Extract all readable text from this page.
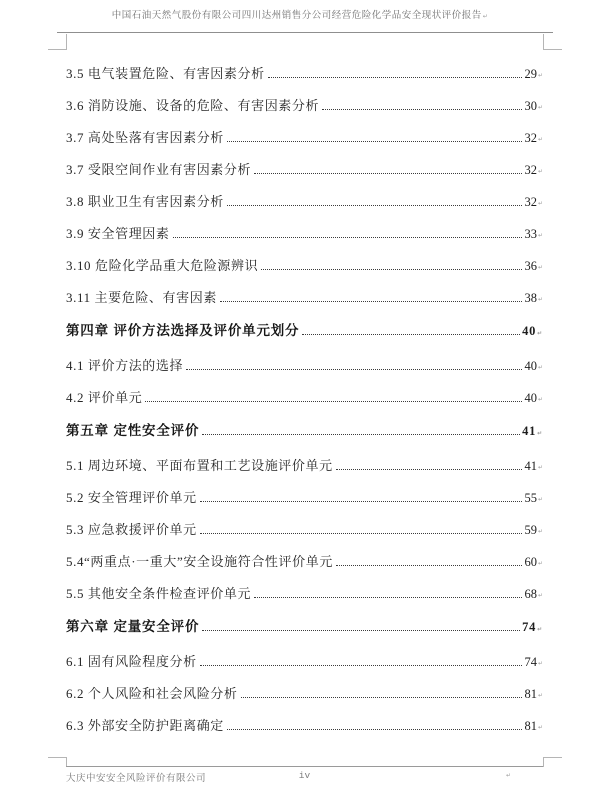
中国石油天然气股份有限公司四川达州销售分公司经营危险化学品安全现状评价报告↵
3.5 电气装置危险、有害因素分析	29 ↵
3.6 消防设施、设备的危险、有害因素分析	30 ↵
3.7 高处坠落有害因素分析	32 ↵
3.7 受限空间作业有害因素分析	32 ↵
3.8 职业卫生有害因素分析	32 ↵
3.9 安全管理因素	33 ↵
3.10 危险化学品重大危险源辨识	36 ↵
3.11 主要危险、有害因素	38 ↵
第四章 评价方法选择及评价单元划分	40 ↵
4.1 评价方法的选择	40 ↵
4.2 评价单元	40 ↵
第五章 定性安全评价	41 ↵
5.1 周边环境、平面布置和工艺设施评价单元	41 ↵
5.2 安全管理评价单元	55 ↵
5.3 应急救援评价单元	59 ↵
5.4“两重点·一重大”安全设施符合性评价单元	60 ↵
5.5 其他安全条件检查评价单元	68 ↵
第六章 定量安全评价	74 ↵
6.1 固有风险程度分析	74 ↵
6.2 个人风险和社会风险分析	81 ↵
6.3 外部安全防护距离确定	81 ↵
大庆中安安全风险评价有限公司	iv	↵
